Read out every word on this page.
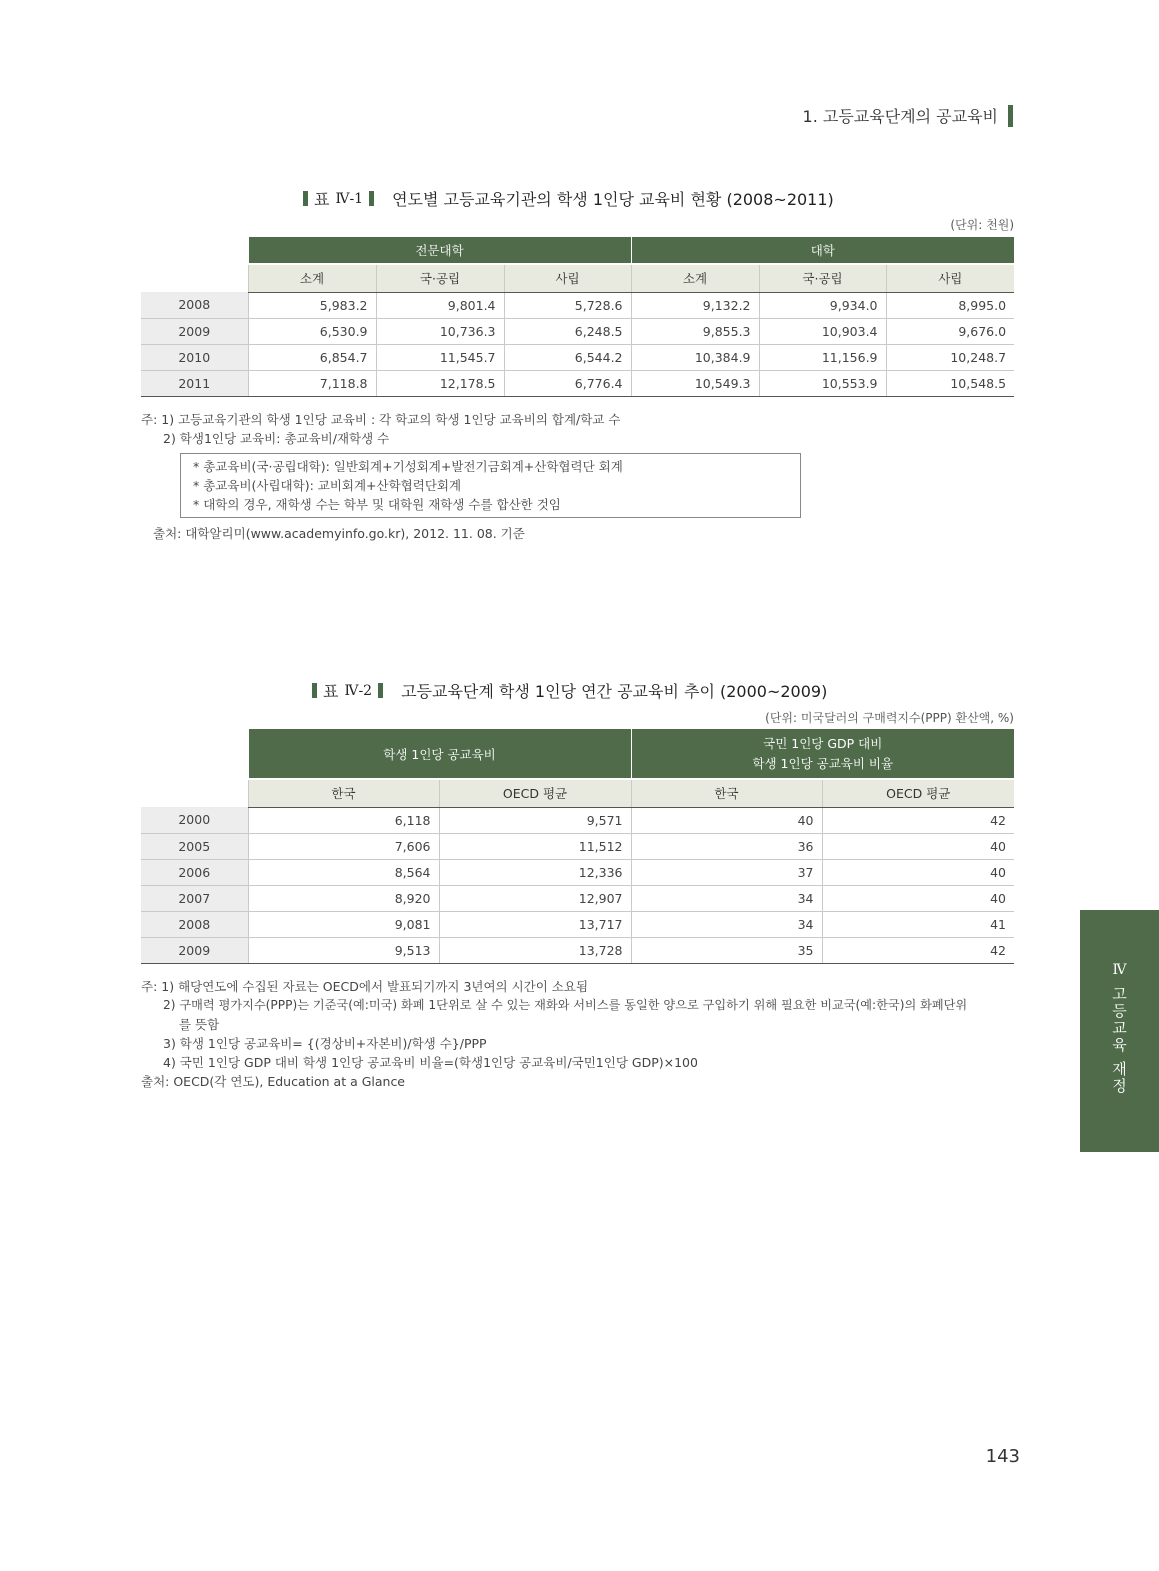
1. 고등교육단계의 공교육비
표 Ⅳ-1 연도별 고등교육기관의 학생 1인당 교육비 현황 (2008~2011)
(단위: 천원)
	전문대학			대학		
	소계	국·공립	사립	소계	국·공립	사립
2008	5,983.2	9,801.4	5,728.6	9,132.2	9,934.0	8,995.0
2009	6,530.9	10,736.3	6,248.5	9,855.3	10,903.4	9,676.0
2010	6,854.7	11,545.7	6,544.2	10,384.9	11,156.9	10,248.7
2011	7,118.8	12,178.5	6,776.4	10,549.3	10,553.9	10,548.5

주: 1) 고등교육기관의 학생 1인당 교육비 : 각 학교의 학생 1인당 교육비의 합계/학교 수

2) 학생1인당 교육비: 총교육비/재학생 수

* 총교육비(국·공립대학): 일반회계+기성회계+발전기금회계+산학협력단 회계

* 총교육비(사립대학): 교비회계+산학협력단회계

* 대학의 경우, 재학생 수는 학부 및 대학원 재학생 수를 합산한 것임

출처: 대학알리미(www.academyinfo.go.kr), 2012. 11. 08. 기준
표 Ⅳ-2 고등교육단계 학생 1인당 연간 공교육비 추이 (2000~2009)
(단위: 미국달러의 구매력지수(PPP) 환산액, %)
	학생 1인당 공교육비		국민 1인당 GDP 대비
학생 1인당 공교육비 비율	

	한국	OECD 평균	한국	OECD 평균
2000	6,118	9,571	40	42
2005	7,606	11,512	36	40
2006	8,564	12,336	37	40
2007	8,920	12,907	34	40
2008	9,081	13,717	34	41
2009	9,513	13,728	35	42

주: 1) 해당연도에 수집된 자료는 OECD에서 발표되기까지 3년여의 시간이 소요됨

2) 구매력 평가지수(PPP)는 기준국(예:미국) 화폐 1단위로 살 수 있는 재화와 서비스를 동일한 양으로 구입하기 위해 필요한 비교국(예:한국)의 화폐단위

를 뜻함

3) 학생 1인당 공교육비= {(경상비+자본비)/학생 수}/PPP

4) 국민 1인당 GDP 대비 학생 1인당 공교육비 비율=(학생1인당 공교육비/국민1인당 GDP)×100

출처: OECD(각 연도), Education at a Glance

Ⅳ
고등교육 재정
143
